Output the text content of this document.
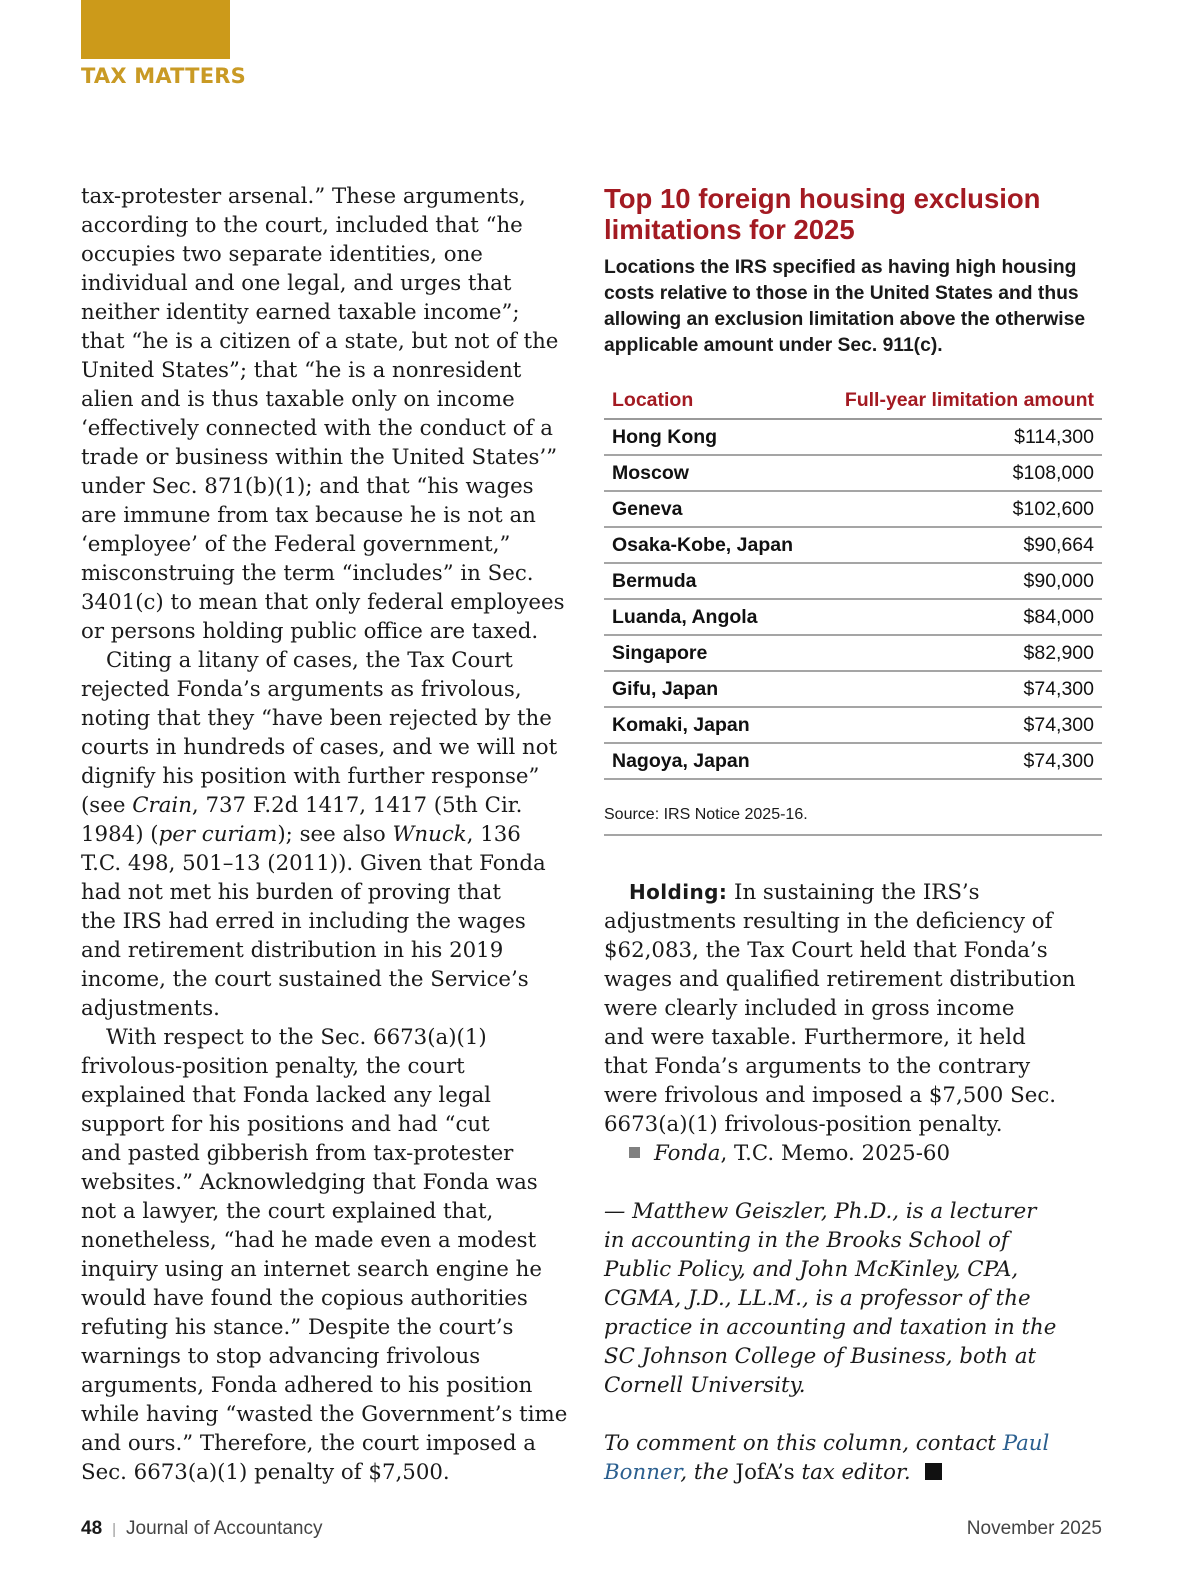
TAX MATTERS

tax-protester arsenal.” These arguments,
according to the court, included that “he
occupies two separate identities, one
individual and one legal, and urges that
neither identity earned taxable income”;
that “he is a citizen of a state, but not of the
United States”; that “he is a nonresident
alien and is thus taxable only on income
‘effectively connected with the conduct of a
trade or business within the United States’”
under Sec. 871(b)(1); and that “his wages
are immune from tax because he is not an
‘employee’ of the Federal government,”
misconstruing the term “includes” in Sec.
3401(c) to mean that only federal employees
or persons holding public office are taxed.

Citing a litany of cases, the Tax Court
rejected Fonda’s arguments as frivolous,
noting that they “have been rejected by the
courts in hundreds of cases, and we will not
dignify his position with further response”
(see Crain, 737 F.2d 1417, 1417 (5th Cir.
1984) (per curiam); see also Wnuck, 136
T.C. 498, 501–13 (2011)). Given that Fonda
had not met his burden of proving that
the IRS had erred in including the wages
and retirement distribution in his 2019
income, the court sustained the Service’s
adjustments.

With respect to the Sec. 6673(a)(1)
frivolous-position penalty, the court
explained that Fonda lacked any legal
support for his positions and had “cut
and pasted gibberish from tax-protester
websites.” Acknowledging that Fonda was
not a lawyer, the court explained that,
nonetheless, “had he made even a modest
inquiry using an internet search engine he
would have found the copious authorities
refuting his stance.” Despite the court’s
warnings to stop advancing frivolous
arguments, Fonda adhered to his position
while having “wasted the Government’s time
and ours.” Therefore, the court imposed a
Sec. 6673(a)(1) penalty of $7,500.

Top 10 foreign housing exclusion
limitations for 2025

Locations the IRS specified as having high housing
costs relative to those in the United States and thus
allowing an exclusion limitation above the otherwise
applicable amount under Sec. 911(c).

Location	Full-year limitation amount
Hong Kong	$114,300
Moscow	$108,000
Geneva	$102,600
Osaka-Kobe, Japan	$90,664
Bermuda	$90,000
Luanda, Angola	$84,000
Singapore	$82,900
Gifu, Japan	$74,300
Komaki, Japan	$74,300
Nagoya, Japan	$74,300
Source: IRS Notice 2025-16.
Holding: In sustaining the IRS’s
adjustments resulting in the deficiency of
$62,083, the Tax Court held that Fonda’s
wages and qualified retirement distribution
were clearly included in gross income
and were taxable. Furthermore, it held
that Fonda’s arguments to the contrary
were frivolous and imposed a $7,500 Sec.
6673(a)(1) frivolous-position penalty.
Fonda, T.C. Memo. 2025-60
— Matthew Geiszler, Ph.D., is a lecturer
in accounting in the Brooks School of
Public Policy, and John McKinley, CPA,
CGMA, J.D., LL.M., is a professor of the
practice in accounting and taxation in the
SC Johnson College of Business, both at
Cornell University.
To comment on this column, contact Paul
Bonner, the JofA’s tax editor.
48 | Journal of Accountancy	November 2025
